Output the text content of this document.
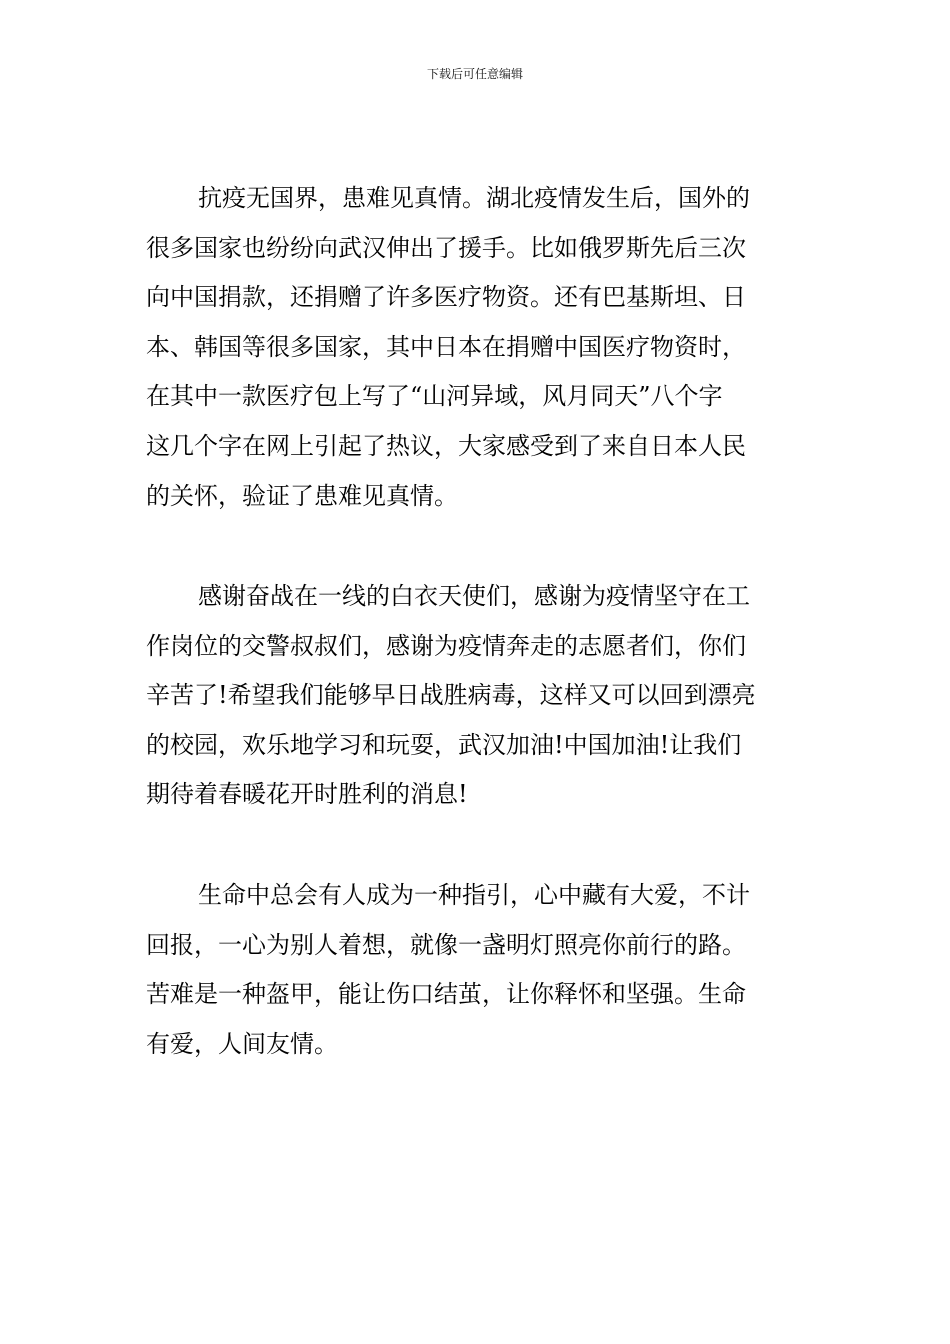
下载后可任意编辑
抗疫无国界，患难见真情。湖北疫情发生后，国外的
很多国家也纷纷向武汉伸出了援手。比如俄罗斯先后三次
向中国捐款，还捐赠了许多医疗物资。还有巴基斯坦、日
本、韩国等很多国家，其中日本在捐赠中国医疗物资时，
在其中一款医疗包上写了“山河异域，风月同天”八个字
这几个字在网上引起了热议，大家感受到了来自日本人民
的关怀，验证了患难见真情。
感谢奋战在一线的白衣天使们，感谢为疫情坚守在工
作岗位的交警叔叔们，感谢为疫情奔走的志愿者们，你们
辛苦了!希望我们能够早日战胜病毒，这样又可以回到漂亮
的校园，欢乐地学习和玩耍，武汉加油!中国加油!让我们
期待着春暖花开时胜利的消息!
生命中总会有人成为一种指引，心中藏有大爱，不计
回报，一心为别人着想，就像一盏明灯照亮你前行的路。
苦难是一种盔甲，能让伤口结茧，让你释怀和坚强。生命
有爱，人间友情。
